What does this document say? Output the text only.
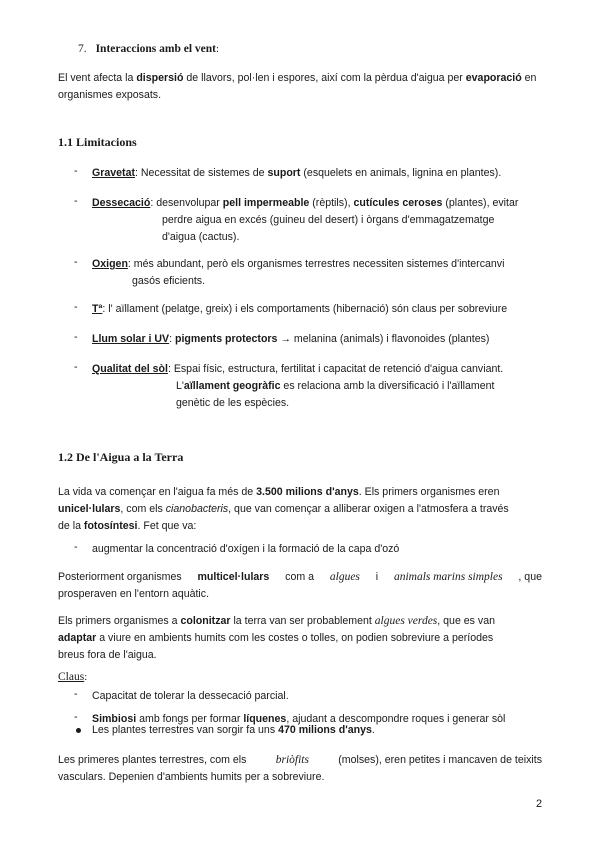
7. Interaccions amb el vent:
El vent afecta la dispersió de llavors, pol·len i espores, així com la pèrdua d'aigua per evaporació en organismes exposats.
1.1 Limitacions
- Gravetat: Necessitat de sistemes de suport (esquelets en animals, lignina en plantes).
- Dessecació: desenvolupar pell impermeable (rèptils), cutícules ceroses (plantes), evitar
perdre aigua en excés (guineu del desert) i òrgans d'emmagatzematge
d'aigua (cactus).
- Oxigen: més abundant, però els organismes terrestres necessiten sistemes d'intercanvi
gasós eficients.
- Tª: l' aïllament (pelatge, greix) i els comportaments (hibernació) són claus per sobreviure
- Llum solar i UV: pigments protectors → melanina (animals) i flavonoides (plantes)
- Qualitat del sòl: Espai físic, estructura, fertilitat i capacitat de retenció d'aigua canviant.
L'aïllament geogràfic es relaciona amb la diversificació i l'aïllament
genètic de les espècies.
1.2 De l'Aigua a la Terra
La vida va començar en l'aigua fa més de 3.500 milions d'anys. Els primers organismes eren
unicel·lulars, com els cianobacteris, que van començar a alliberar oxigen a l'atmosfera a través
de la fotosíntesi. Fet que va:
- augmentar la concentració d'oxígen i la formació de la capa d'ozó
Posteriorment organismes multicel·lulars com a algues i animals marins simples , que
prosperaven en l'entorn aquàtic.
Els primers organismes a colonitzar la terra van ser probablement algues verdes, que es van
adaptar a viure en ambients humits com les costes o tolles, on podien sobreviure a períodes
breus fora de l'aigua.
Claus:
- Capacitat de tolerar la dessecació parcial.
- Simbiosi amb fongs per formar líquenes, ajudant a descompondre roques i generar sòl
Les plantes terrestres van sorgir fa uns 470 milions d'anys.
Les primeres plantes terrestres, com els	briòfits	(molses), eren petites i mancaven de teixits
vasculars. Depenien d'ambients humits per a sobreviure.
2
